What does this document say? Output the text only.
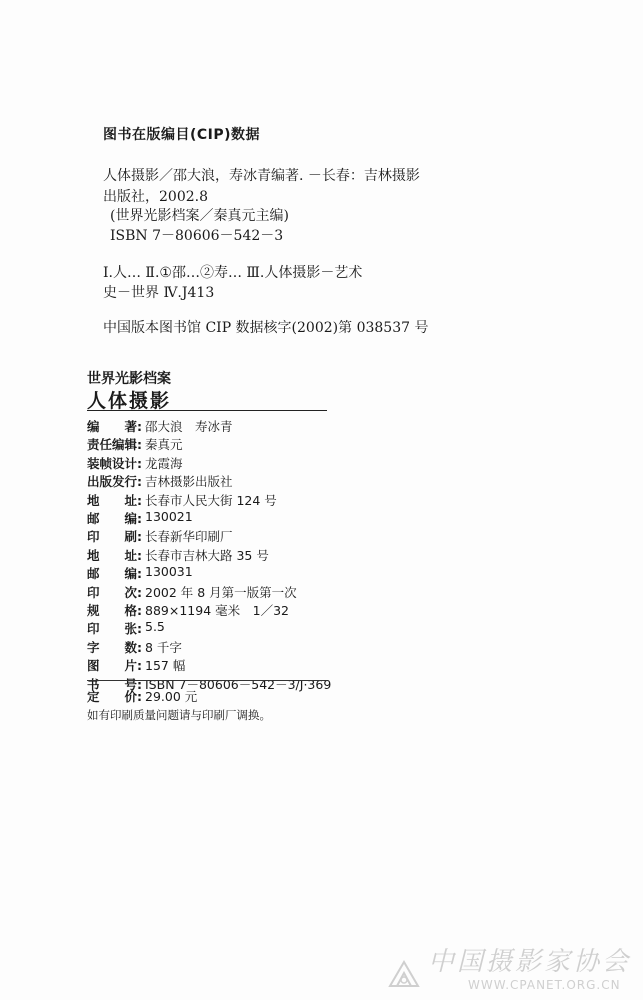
图书在版编目(CIP)数据
人体摄影／邵大浪，寿冰青编著. －长春：吉林摄影
出版社，2002.8
(世界光影档案／秦真元主编)
ISBN 7－80606－542－3
Ⅰ.人… Ⅱ.①邵…②寿… Ⅲ.人体摄影－艺术
史－世界 Ⅳ.J413
中国版本图书馆 CIP 数据核字(2002)第 038537 号
世界光影档案
人体摄影
编　　著: 邵大浪　寿冰青
责任编辑: 秦真元
装帧设计: 龙霞海
出版发行: 吉林摄影出版社
地　　址: 长春市人民大街 124 号
邮　　编: 130021
印　　刷: 长春新华印刷厂
地　　址: 长春市吉林大路 35 号
邮　　编: 130031
印　　次: 2002 年 8 月第一版第一次
规　　格: 889×1194 毫米　1／32
印　　张: 5.5
字　　数: 8 千字
图　　片: 157 幅
书　　号: ISBN 7－80606－542－3/J·369
定　　价: 29.00 元
如有印刷质量问题请与印刷厂调换。
中国摄影家协会
WWW.CPANET.ORG.CN
